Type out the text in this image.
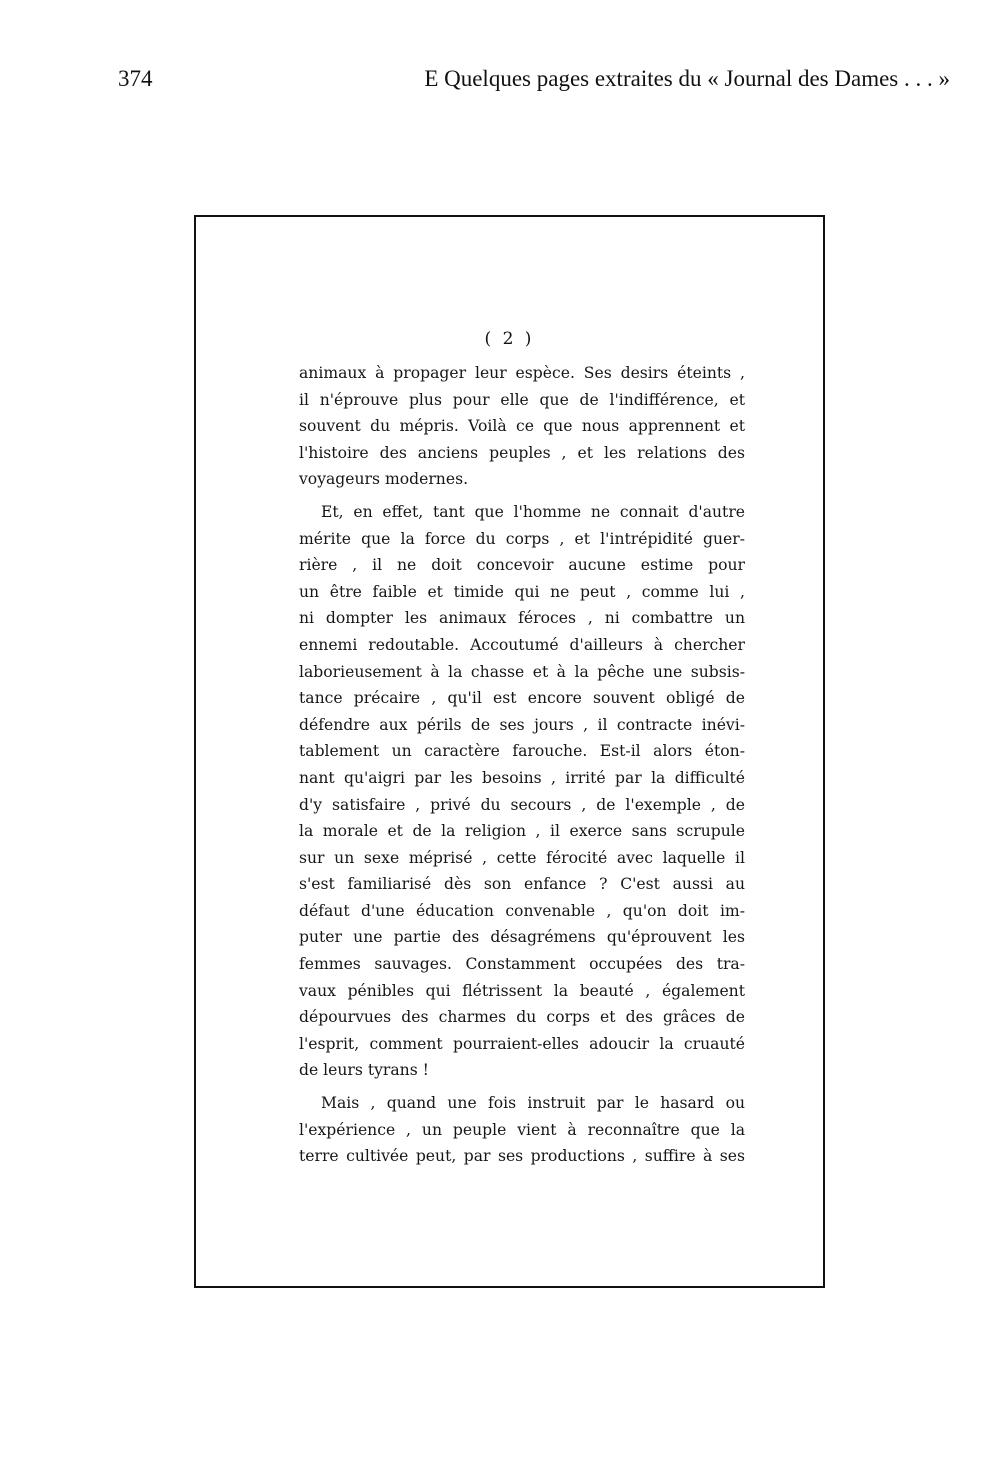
374	E Quelques pages extraites du « Journal des Dames . . . »
( 2 )

animaux à propager leur espèce. Ses desirs éteints ,
il n'éprouve plus pour elle que de l'indifférence, et
souvent du mépris. Voilà ce que nous apprennent et
l'histoire des anciens peuples , et les relations des
voyageurs modernes.

Et, en effet, tant que l'homme ne connait d'autre
mérite que la force du corps , et l'intrépidité guer-
rière , il ne doit concevoir aucune estime pour
un être faible et timide qui ne peut , comme lui ,
ni dompter les animaux féroces , ni combattre un
ennemi redoutable. Accoutumé d'ailleurs à chercher
laborieusement à la chasse et à la pêche une subsis-
tance précaire , qu'il est encore souvent obligé de
défendre aux périls de ses jours , il contracte inévi-
tablement un caractère farouche. Est-il alors éton-
nant qu'aigri par les besoins , irrité par la difficulté
d'y satisfaire , privé du secours , de l'exemple , de
la morale et de la religion , il exerce sans scrupule
sur un sexe méprisé , cette férocité avec laquelle il
s'est familiarisé dès son enfance ? C'est aussi au
défaut d'une éducation convenable , qu'on doit im-
puter une partie des désagrémens qu'éprouvent les
femmes sauvages. Constamment occupées des tra-
vaux pénibles qui flétrissent la beauté , également
dépourvues des charmes du corps et des grâces de
l'esprit, comment pourraient-elles adoucir la cruauté
de leurs tyrans !

Mais , quand une fois instruit par le hasard ou
l'expérience , un peuple vient à reconnaître que la
terre cultivée peut, par ses productions , suffire à ses
